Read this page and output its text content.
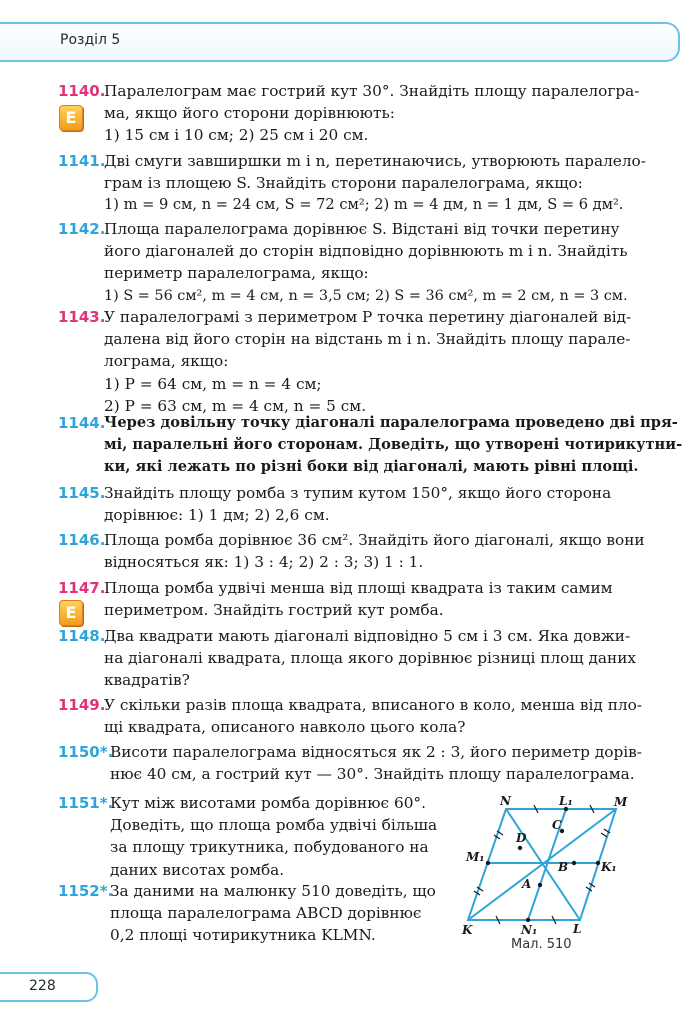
Розділ 5
1140.
E
Паралелограм має гострий кут 30°. Знайдіть площу паралелогра-
ма, якщо його сторони дорівнюють:
1) 15 см і 10 см; 2) 25 см і 20 см.
1141.
Дві смуги завширшки m і n, перетинаючись, утворюють паралело-
грам із площею S. Знайдіть сторони паралелограма, якщо:
1) m = 9 см, n = 24 см, S = 72 см²; 2) m = 4 дм, n = 1 дм, S = 6 дм².
1142.
Площа паралелограма дорівнює S. Відстані від точки перетину
його діагоналей до сторін відповідно дорівнюють m і n. Знайдіть
периметр паралелограма, якщо:
1) S = 56 см², m = 4 см, n = 3,5 см; 2) S = 36 см², m = 2 см, n = 3 см.
1143.
У паралелограмі з периметром P точка перетину діагоналей від-
далена від його сторін на відстань m і n. Знайдіть площу парале-
лограма, якщо:
1) P = 64 см, m = n = 4 см;
2) P = 63 см, m = 4 см, n = 5 см.
1144.
Через довільну точку діагоналі паралелограма проведено дві пря-
мі, паралельні його сторонам. Доведіть, що утворені чотирикутни-
ки, які лежать по різні боки від діагоналі, мають рівні площі.
1145.
Знайдіть площу ромба з тупим кутом 150°, якщо його сторона
дорівнює: 1) 1 дм; 2) 2,6 см.
1146.
Площа ромба дорівнює 36 см². Знайдіть його діагоналі, якщо вони
відносяться як: 1) 3 : 4; 2) 2 : 3; 3) 1 : 1.
1147.
E
Площа ромба удвічі менша від площі квадрата із таким самим
периметром. Знайдіть гострий кут ромба.
1148.
Два квадрати мають діагоналі відповідно 5 см і 3 см. Яка довжи-
на діагоналі квадрата, площа якого дорівнює різниці площ даних
квадратів?
1149.
У скільки разів площа квадрата, вписаного в коло, менша від пло-
щі квадрата, описаного навколо цього кола?
1150*.
Висоти паралелограма відносяться як 2 : 3, його периметр дорів-
нює 40 см, а гострий кут — 30°. Знайдіть площу паралелограма.
1151*.
Кут між висотами ромба дорівнює 60°.
Доведіть, що площа ромба удвічі більша
за площу трикутника, побудованого на
даних висотах ромба.
1152*.
За даними на малюнку 510 доведіть, що
площа паралелограма ABCD дорівнює
0,2 площі чотирикутника KLMN.
N
L
L₁	M
C
D
M₁
B	K₁
A
K	N₁
Мал. 510
228
